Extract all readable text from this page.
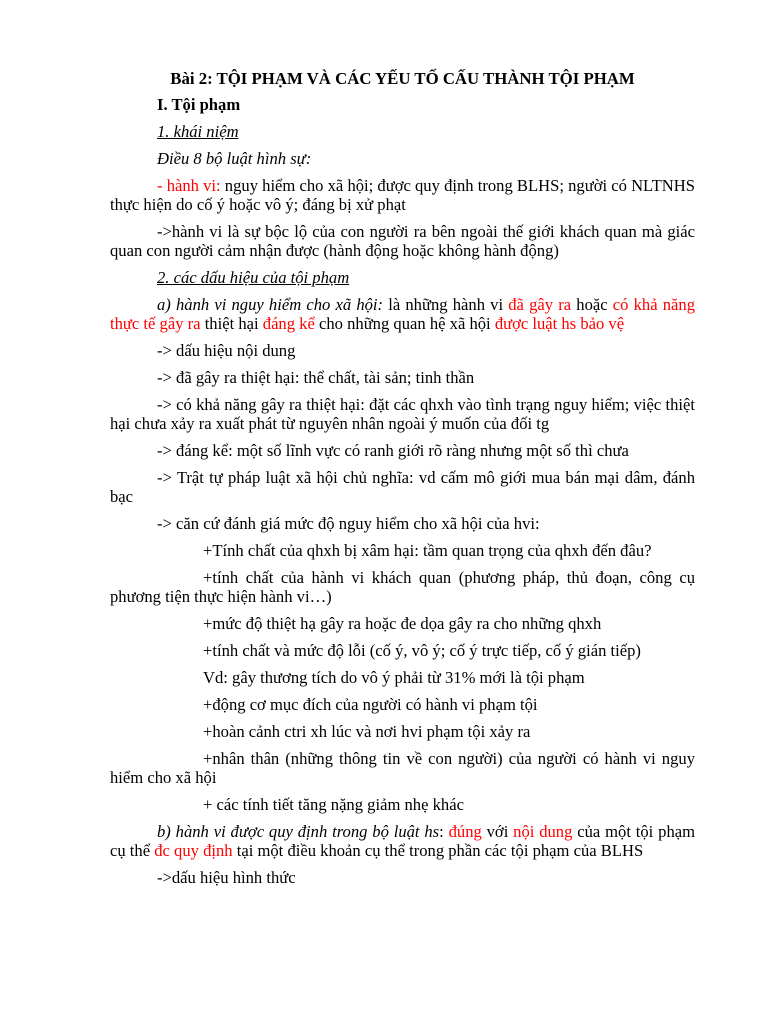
Bài 2: TỘI PHẠM VÀ CÁC YẾU TỐ CẤU THÀNH TỘI PHẠM

I. Tội phạm

1. khái niệm

Điều 8 bộ luật hình sự:

- hành vi: nguy hiểm cho xã hội; được quy định trong BLHS; người có NLTNHS thực hiện do cố ý hoặc vô ý; đáng bị xử phạt

->hành vi là sự bộc lộ của con người ra bên ngoài thế giới khách quan mà giác quan con người cảm nhận được (hành động hoặc không hành động)

2. các dấu hiệu của tội phạm

a) hành vi nguy hiểm cho xã hội: là những hành vi đã gây ra hoặc có khả năng thực tế gây ra thiệt hại đáng kể cho những quan hệ xã hội được luật hs bảo vệ

-> dấu hiệu nội dung

-> đã gây ra thiệt hại: thể chất, tài sản; tinh thần

-> có khả năng gây ra thiệt hại: đặt các qhxh vào tình trạng nguy hiểm; việc thiệt hại chưa xảy ra xuất phát từ nguyên nhân ngoài ý muốn của đối tg

-> đáng kể: một số lĩnh vực có ranh giới rõ ràng nhưng một số thì chưa

-> Trật tự pháp luật xã hội chủ nghĩa: vd cấm mô giới mua bán mại dâm, đánh bạc

-> căn cứ đánh giá mức độ nguy hiểm cho xã hội của hvi:

+Tính chất của qhxh bị xâm hại: tầm quan trọng của qhxh đến đâu?

+tính chất của hành vi khách quan (phương pháp, thủ đoạn, công cụ phương tiện thực hiện hành vi…)

+mức độ thiệt hạ gây ra hoặc đe dọa gây ra cho những qhxh

+tính chất và mức độ lỗi (cố ý, vô ý; cố ý trực tiếp, cố ý gián tiếp)

Vd: gây thương tích do vô ý phải từ 31% mới là tội phạm

+động cơ mục đích của người có hành vi phạm tội

+hoàn cảnh ctri xh lúc và nơi hvi phạm tội xảy ra

+nhân thân (những thông tin về con người) của người có hành vi nguy hiểm cho xã hội

+ các tính tiết tăng nặng giảm nhẹ khác

b) hành vi được quy định trong bộ luật hs: đúng với nội dung của một tội phạm cụ thể đc quy định tại một điều khoản cụ thể trong phần các tội phạm của BLHS

->dấu hiệu hình thức
